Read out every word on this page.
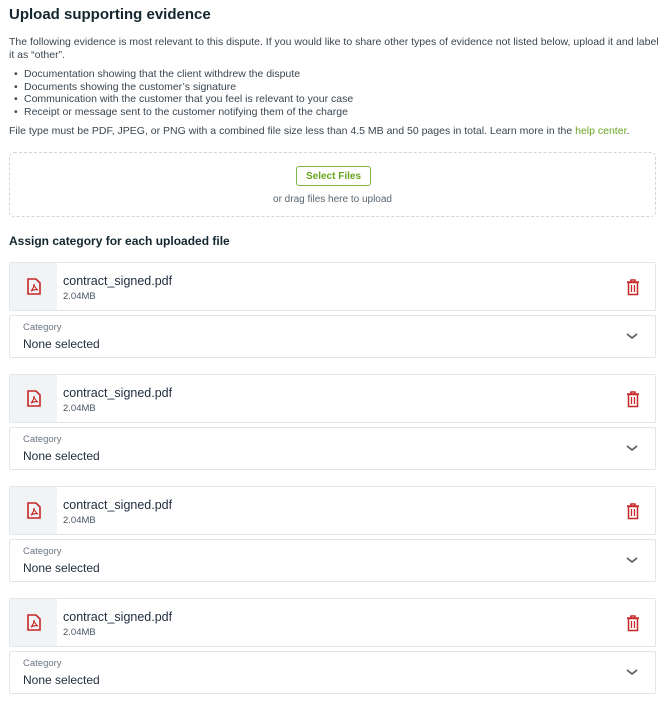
Upload supporting evidence

The following evidence is most relevant to this dispute. If you would like to share other types of evidence not listed below, upload it and label it as “other”.

• Documentation showing that the client withdrew the dispute
• Documents showing the customer’s signature
• Communication with the customer that you feel is relevant to your case
• Receipt or message sent to the customer notifying them of the charge

File type must be PDF, JPEG, or PNG with a combined file size less than 4.5 MB and 50 pages in total. Learn more in the help center.

Select Files
or drag files here to upload
Assign category for each uploaded file
contract_signed.pdf
2.04MB
Category
None selected
contract_signed.pdf
2.04MB
Category
None selected
contract_signed.pdf
2.04MB
Category
None selected
contract_signed.pdf
2.04MB
Category
None selected
